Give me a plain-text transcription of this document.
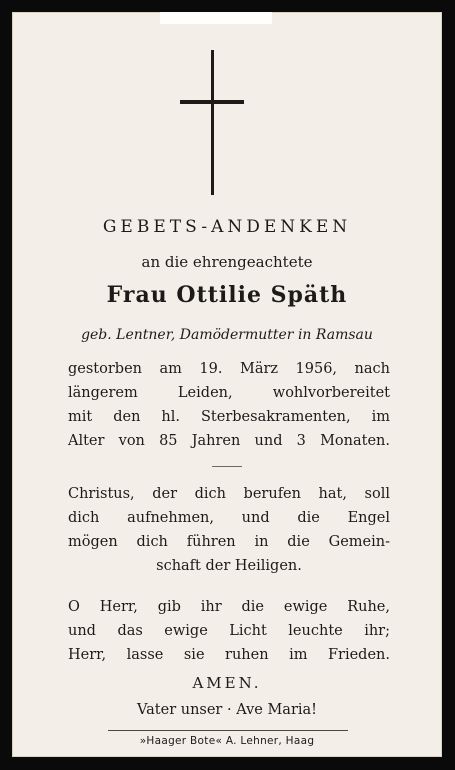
GEBETS-ANDENKEN
an die ehrengeachtete
Frau Ottilie Späth
geb. Lentner, Damödermutter in Ramsau
gestorben am 19. März 1956, nach
längerem Leiden, wohlvorbereitet
mit den hl. Sterbesakramenten, im
Alter von 85 Jahren und 3 Monaten.
Christus, der dich berufen hat, soll
dich aufnehmen, und die Engel
mögen dich führen in die Gemein-
schaft der Heiligen.
O Herr, gib ihr die ewige Ruhe,
und das ewige Licht leuchte ihr;
Herr, lasse sie ruhen im Frieden.
AMEN.
Vater unser · Ave Maria!
»Haager Bote« A. Lehner, Haag
